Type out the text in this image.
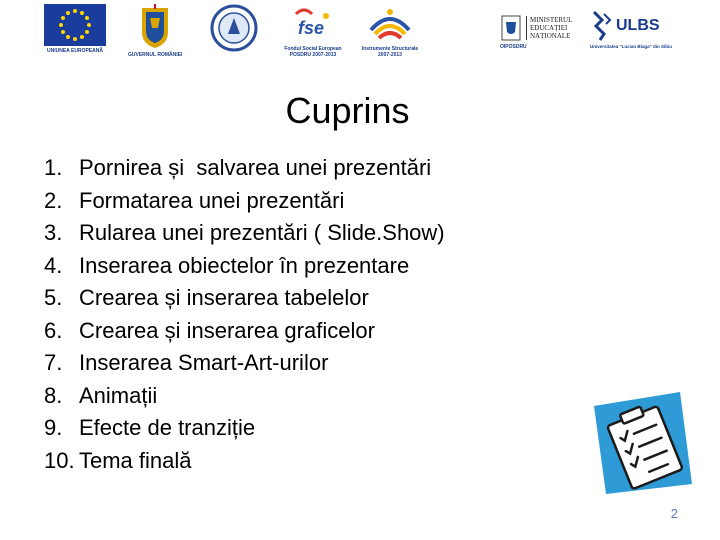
UNIUNEA EUROPEANĂ
GUVERNUL ROMÂNIEI
fse
Fondul Social European POSDRU 2007-2013
Instrumente Structurale 2007-2013
MINISTERUL
EDUCAȚIEI
NAȚIONALE
OIPOSDRU
ULBS
Universitatea "Lucian Blaga" din Sibiu
Cuprins
1. Pornirea și  salvarea unei prezentări
2. Formatarea unei prezentări
3. Rularea unei prezentări ( Slide.Show)
4. Inserarea obiectelor în prezentare
5. Crearea și inserarea tabelelor
6. Crearea și inserarea graficelor
7. Inserarea Smart-Art-urilor
8. Animații
9. Efecte de tranziție
10. Tema finală
2
